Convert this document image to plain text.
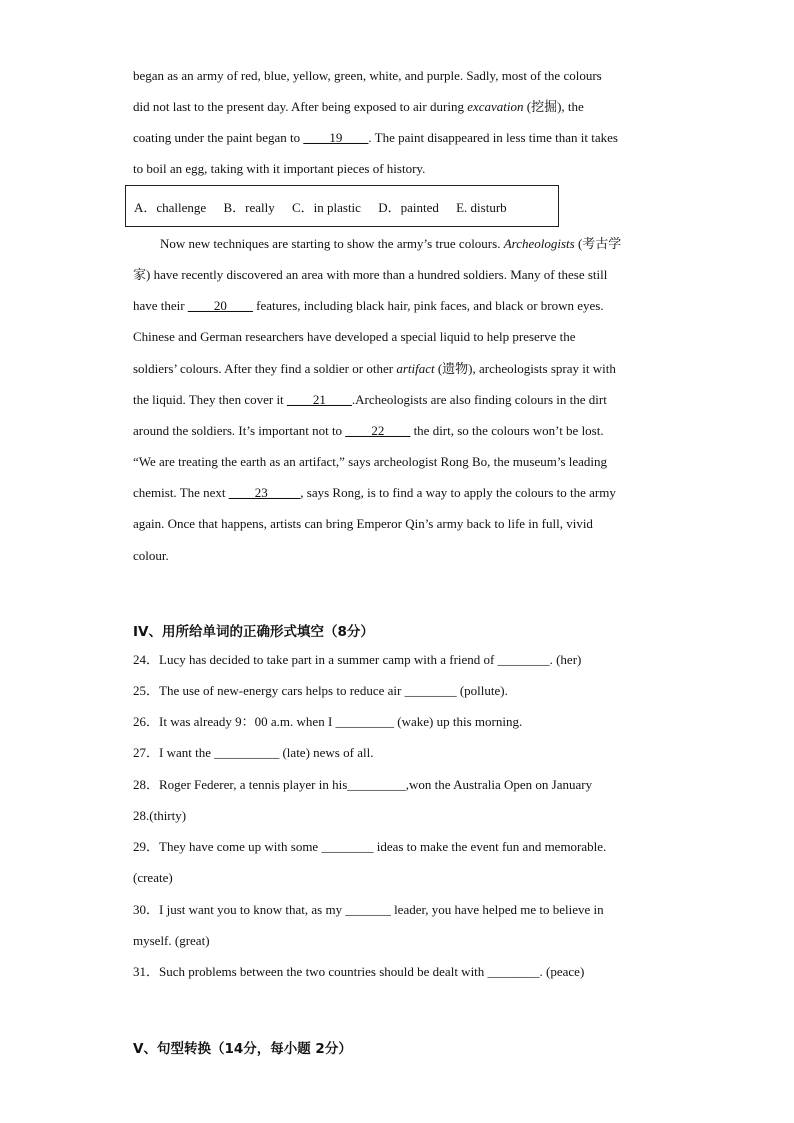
began as an army of red, blue, yellow, green, white, and purple. Sadly, most of the colours
did not last to the present day. After being exposed to air during excavation (挖掘), the
coating under the paint began to ____19____. The paint disappeared in less time than it takes
to boil an egg, taking with it important pieces of history.
A．challenge B．really C．in plastic D．painted E. disturb
Now new techniques are starting to show the army’s true colours. Archeologists (考古学
家) have recently discovered an area with more than a hundred soldiers. Many of these still
have their ____20____ features, including black hair, pink faces, and black or brown eyes.
Chinese and German researchers have developed a special liquid to help preserve the
soldiers’ colours. After they find a soldier or other artifact (遗物), archeologists spray it with
the liquid. They then cover it ____21____.Archeologists are also finding colours in the dirt
around the soldiers. It’s important not to ____22____ the dirt, so the colours won’t be lost.
“We are treating the earth as an artifact,” says archeologist Rong Bo, the museum’s leading
chemist. The next ____23_____, says Rong, is to find a way to apply the colours to the army
again. Once that happens, artists can bring Emperor Qin’s army back to life in full, vivid
colour.
IV、用所给单词的正确形式填空（8分）
24．Lucy has decided to take part in a summer camp with a friend of ________. (her)
25．The use of new-energy cars helps to reduce air ________ (pollute).
26．It was already 9：00 a.m. when I _________ (wake) up this morning.
27．I want the __________ (late) news of all.
28．Roger Federer, a tennis player in his_________,won the Australia Open on January
28.(thirty)
29．They have come up with some ________ ideas to make the event fun and memorable.
(create)
30．I just want you to know that, as my _______ leader, you have helped me to believe in
myself. (great)
31．Such problems between the two countries should be dealt with ________. (peace)
V、句型转换（14分，每小题 2分）
